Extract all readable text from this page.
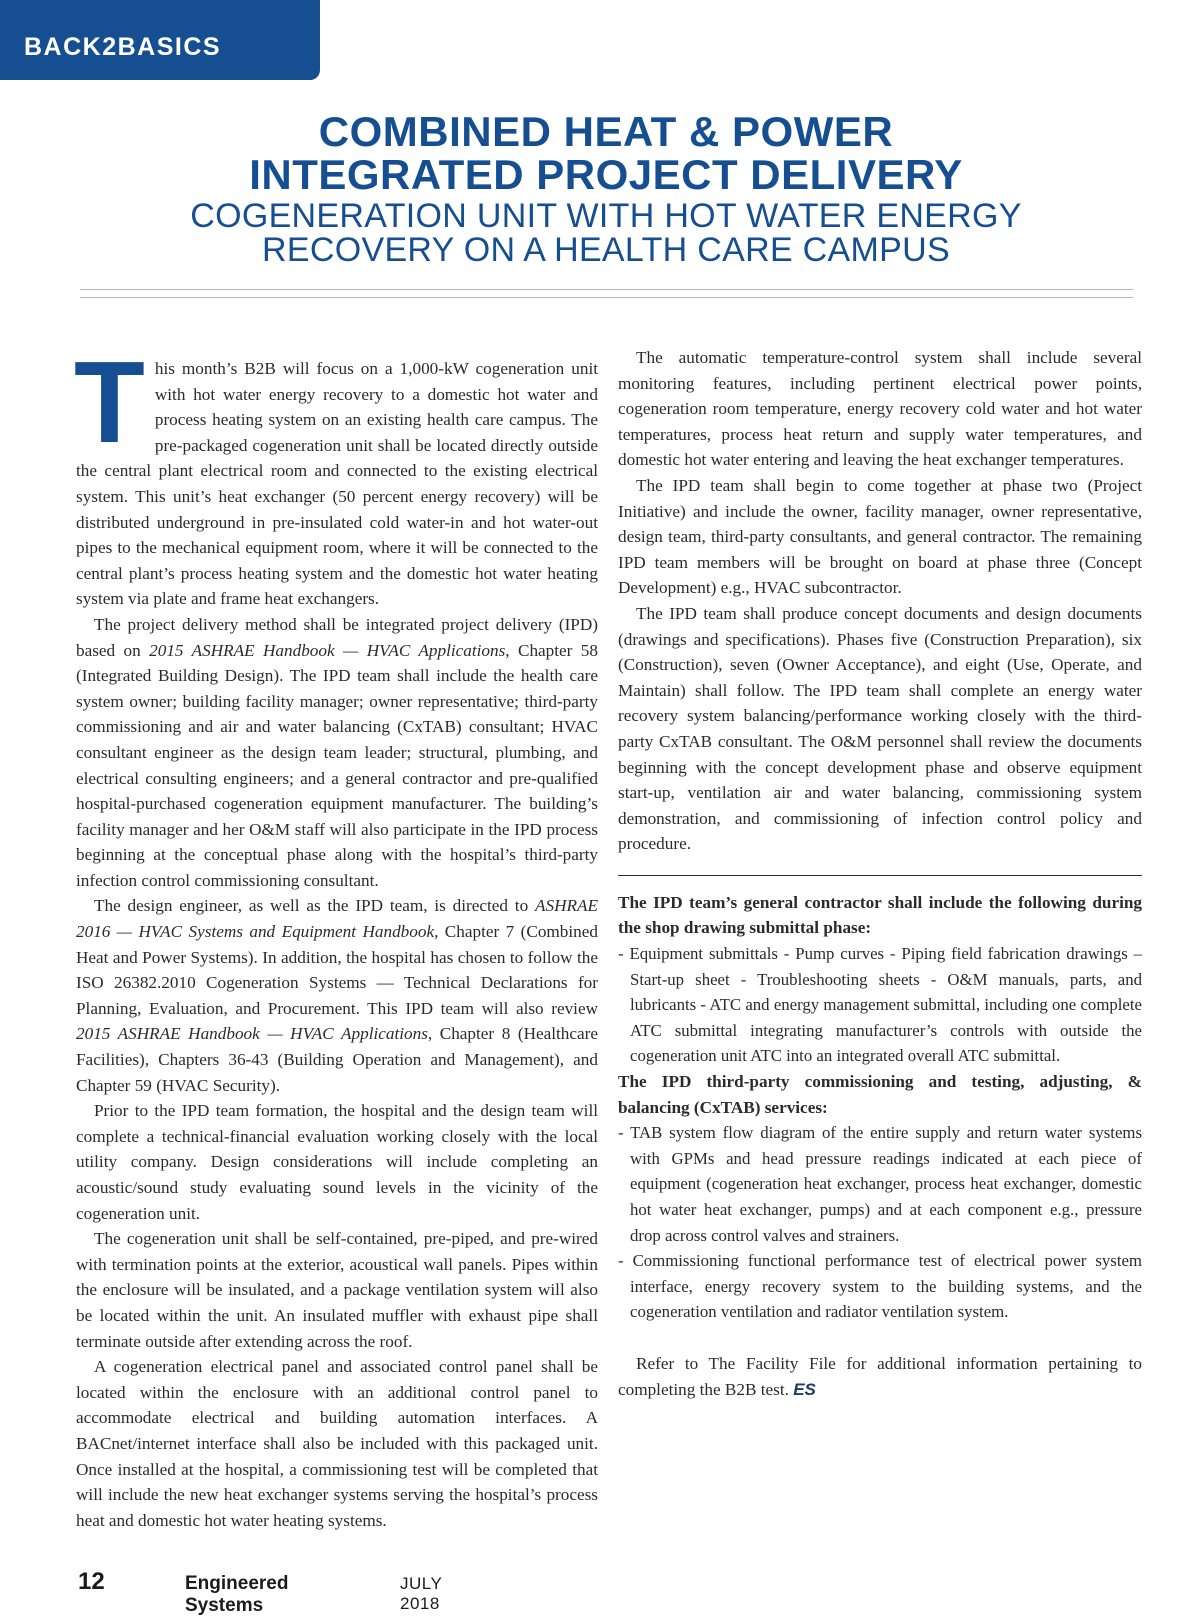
BACK2BASICS
COMBINED HEAT & POWER
INTEGRATED PROJECT DELIVERY
COGENERATION UNIT WITH HOT WATER ENERGY
RECOVERY ON A HEALTH CARE CAMPUS

This month’s B2B will focus on a 1,000-kW cogeneration unit with hot water energy recovery to a domestic hot water and process heating system on an existing health care campus. The pre-packaged cogeneration unit shall be located directly outside the central plant electrical room and connected to the existing electrical system. This unit’s heat exchanger (50 percent energy recovery) will be distributed underground in pre-insulated cold water-in and hot water-out pipes to the mechanical equipment room, where it will be connected to the central plant’s process heating system and the domestic hot water heating system via plate and frame heat exchangers.

The project delivery method shall be integrated project delivery (IPD) based on 2015 ASHRAE Handbook — HVAC Applications, Chapter 58 (Integrated Building Design). The IPD team shall include the health care system owner; building facility manager; owner representative; third-party commissioning and air and water balancing (CxTAB) consultant; HVAC consultant engineer as the design team leader; structural, plumbing, and electrical consulting engineers; and a general contractor and pre-qualified hospital-purchased cogeneration equipment manufacturer. The building’s facility manager and her O&M staff will also participate in the IPD process beginning at the conceptual phase along with the hospital’s third-party infection control commissioning consultant.

The design engineer, as well as the IPD team, is directed to ASHRAE 2016 — HVAC Systems and Equipment Handbook, Chapter 7 (Combined Heat and Power Systems). In addition, the hospital has chosen to follow the ISO 26382.2010 Cogeneration Systems — Technical Declarations for Planning, Evaluation, and Procurement. This IPD team will also review 2015 ASHRAE Handbook — HVAC Applications, Chapter 8 (Healthcare Facilities), Chapters 36-43 (Building Operation and Management), and Chapter 59 (HVAC Security).

Prior to the IPD team formation, the hospital and the design team will complete a technical-financial evaluation working closely with the local utility company. Design considerations will include completing an acoustic/sound study evaluating sound levels in the vicinity of the cogeneration unit.

The cogeneration unit shall be self-contained, pre-piped, and pre-wired with termination points at the exterior, acoustical wall panels. Pipes within the enclosure will be insulated, and a package ventilation system will also be located within the unit. An insulated muffler with exhaust pipe shall terminate outside after extending across the roof.

A cogeneration electrical panel and associated control panel shall be located within the enclosure with an additional control panel to accommodate electrical and building automation interfaces. A BACnet/internet interface shall also be included with this packaged unit. Once installed at the hospital, a commissioning test will be completed that will include the new heat exchanger systems serving the hospital’s process heat and domestic hot water heating systems.

The automatic temperature-control system shall include several monitoring features, including pertinent electrical power points, cogeneration room temperature, energy recovery cold water and hot water temperatures, process heat return and supply water temperatures, and domestic hot water entering and leaving the heat exchanger temperatures.

The IPD team shall begin to come together at phase two (Project Initiative) and include the owner, facility manager, owner representative, design team, third-party consultants, and general contractor. The remaining IPD team members will be brought on board at phase three (Concept Development) e.g., HVAC subcontractor.

The IPD team shall produce concept documents and design documents (drawings and specifications). Phases five (Construction Preparation), six (Construction), seven (Owner Acceptance), and eight (Use, Operate, and Maintain) shall follow. The IPD team shall complete an energy water recovery system balancing/performance working closely with the third-party CxTAB consultant. The O&M personnel shall review the documents beginning with the concept development phase and observe equipment start-up, ventilation air and water balancing, commissioning system demonstration, and commissioning of infection control policy and procedure.

The IPD team’s general contractor shall include the following during the shop drawing submittal phase:

- Equipment submittals - Pump curves - Piping field fabrication drawings – Start-up sheet - Troubleshooting sheets - O&M manuals, parts, and lubricants - ATC and energy management submittal, including one complete ATC submittal integrating manufacturer’s controls with outside the cogeneration unit ATC into an integrated overall ATC submittal.

The IPD third-party commissioning and testing, adjusting, & balancing (CxTAB) services:

- TAB system flow diagram of the entire supply and return water systems with GPMs and head pressure readings indicated at each piece of equipment (cogeneration heat exchanger, process heat exchanger, domestic hot water heat exchanger, pumps) and at each component e.g., pressure drop across control valves and strainers.

- Commissioning functional performance test of electrical power system interface, energy recovery system to the building systems, and the cogeneration ventilation and radiator ventilation system.

Refer to The Facility File for additional information pertaining to completing the B2B test. ES

12	Engineered Systems
JULY 2018
